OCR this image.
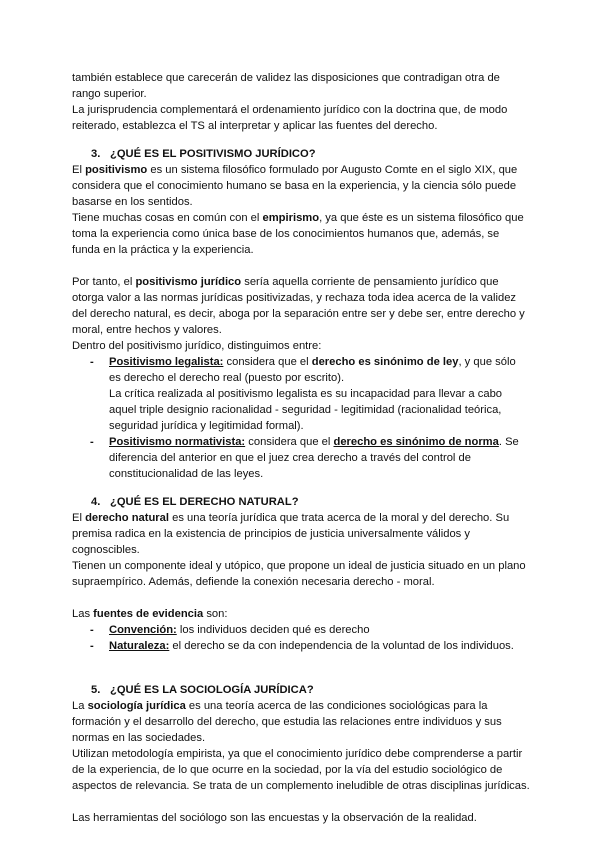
también establece que carecerán de validez las disposiciones que contradigan otra de rango superior.

La jurisprudencia complementará el ordenamiento jurídico con la doctrina que, de modo reiterado, establezca el TS al interpretar y aplicar las fuentes del derecho.

3. ¿QUÉ ES EL POSITIVISMO JURÍDICO?

El positivismo es un sistema filosófico formulado por Augusto Comte en el siglo XIX, que considera que el conocimiento humano se basa en la experiencia, y la ciencia sólo puede basarse en los sentidos.

Tiene muchas cosas en común con el empirismo, ya que éste es un sistema filosófico que toma la experiencia como única base de los conocimientos humanos que, además, se funda en la práctica y la experiencia.

Por tanto, el positivismo jurídico sería aquella corriente de pensamiento jurídico que otorga valor a las normas jurídicas positivizadas, y rechaza toda idea acerca de la validez del derecho natural, es decir, aboga por la separación entre ser y debe ser, entre derecho y moral, entre hechos y valores.

Dentro del positivismo jurídico, distinguimos entre:

- Positivismo legalista: considera que el derecho es sinónimo de ley, y que sólo es derecho el derecho real (puesto por escrito).
La crítica realizada al positivismo legalista es su incapacidad para llevar a cabo aquel triple designio racionalidad - seguridad - legitimidad (racionalidad teórica, seguridad jurídica y legitimidad formal).
- Positivismo normativista: considera que el derecho es sinónimo de norma. Se diferencia del anterior en que el juez crea derecho a través del control de constitucionalidad de las leyes.
4. ¿QUÉ ES EL DERECHO NATURAL?

El derecho natural es una teoría jurídica que trata acerca de la moral y del derecho. Su premisa radica en la existencia de principios de justicia universalmente válidos y cognoscibles.

Tienen un componente ideal y utópico, que propone un ideal de justicia situado en un plano supraempírico. Además, defiende la conexión necesaria derecho - moral.

Las fuentes de evidencia son:

- Convención: los individuos deciden qué es derecho
- Naturaleza: el derecho se da con independencia de la voluntad de los individuos.
5. ¿QUÉ ES LA SOCIOLOGÍA JURÍDICA?

La sociología jurídica es una teoría acerca de las condiciones sociológicas para la formación y el desarrollo del derecho, que estudia las relaciones entre individuos y sus normas en las sociedades.

Utilizan metodología empirista, ya que el conocimiento jurídico debe comprenderse a partir de la experiencia, de lo que ocurre en la sociedad, por la vía del estudio sociológico de aspectos de relevancia. Se trata de un complemento ineludible de otras disciplinas jurídicas.

Las herramientas del sociólogo son las encuestas y la observación de la realidad.
